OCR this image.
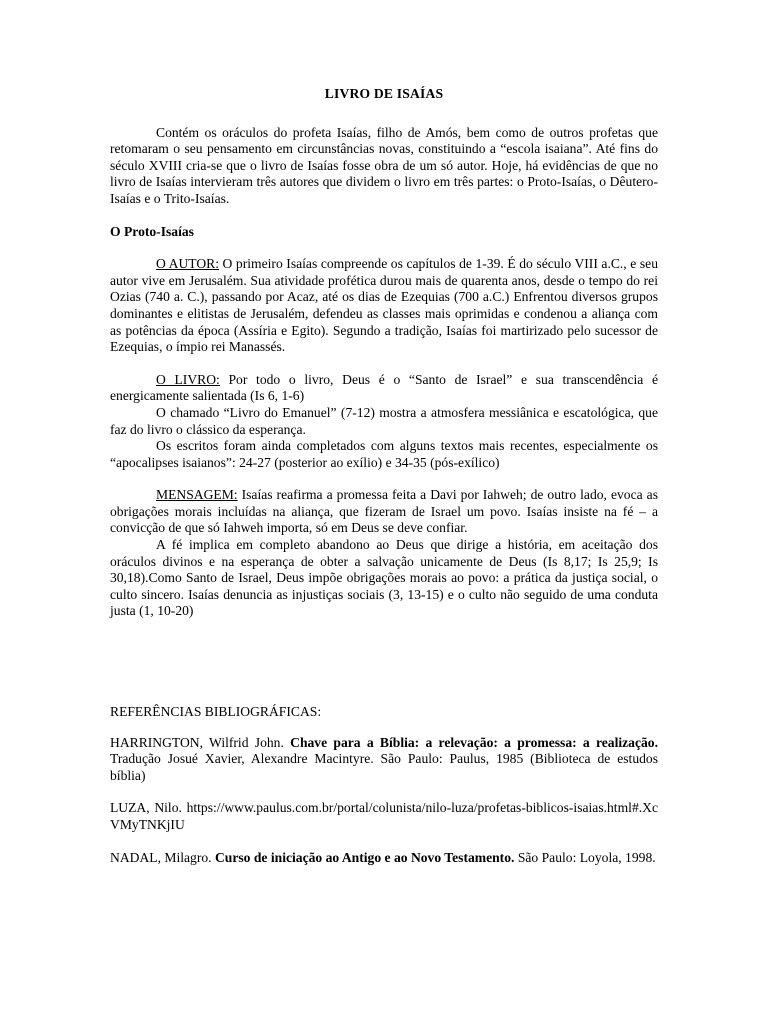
LIVRO DE ISAÍAS

Contém os oráculos do profeta Isaías, filho de Amós, bem como de outros profetas que retomaram o seu pensamento em circunstâncias novas, constituindo a “escola isaiana”. Até fins do século XVIII cria-se que o livro de Isaías fosse obra de um só autor. Hoje, há evidências de que no livro de Isaías intervieram três autores que dividem o livro em três partes: o Proto-Isaías, o Dêutero-Isaías e o Trito-Isaías.

O Proto-Isaías

O AUTOR: O primeiro Isaías compreende os capítulos de 1-39. É do século VIII a.C., e seu autor vive em Jerusalém. Sua atividade profética durou mais de quarenta anos, desde o tempo do rei Ozias (740 a. C.), passando por Acaz, até os dias de Ezequias (700 a.C.) Enfrentou diversos grupos dominantes e elitistas de Jerusalém, defendeu as classes mais oprimidas e condenou a aliança com as potências da época (Assíria e Egito). Segundo a tradição, Isaías foi martirizado pelo sucessor de Ezequias, o ímpio rei Manassés.

O LIVRO: Por todo o livro, Deus é o “Santo de Israel” e sua transcendência é energicamente salientada (Is 6, 1-6)

O chamado “Livro do Emanuel” (7-12) mostra a atmosfera messiânica e escatológica, que faz do livro o clássico da esperança.

Os escritos foram ainda completados com alguns textos mais recentes, especialmente os “apocalipses isaianos”: 24-27 (posterior ao exílio) e 34-35 (pós-exílico)

MENSAGEM: Isaías reafirma a promessa feita a Davi por Iahweh; de outro lado, evoca as obrigações morais incluídas na aliança, que fizeram de Israel um povo. Isaías insiste na fé – a convicção de que só Iahweh importa, só em Deus se deve confiar.

A fé implica em completo abandono ao Deus que dirige a história, em aceitação dos oráculos divinos e na esperança de obter a salvação unicamente de Deus (Is 8,17; Is 25,9; Is 30,18).Como Santo de Israel, Deus impõe obrigações morais ao povo: a prática da justiça social, o culto sincero. Isaías denuncia as injustiças sociais (3, 13-15) e o culto não seguido de uma conduta justa (1, 10-20)

REFERÊNCIAS BIBLIOGRÁFICAS:

HARRINGTON, Wilfrid John. Chave para a Bíblia: a relevação: a promessa: a realização. Tradução Josué Xavier, Alexandre Macintyre. São Paulo: Paulus, 1985 (Biblioteca de estudos bíblia)

LUZA, Nilo. https://www.paulus.com.br/portal/colunista/nilo-luza/profetas-biblicos-isaias.html#.XcVMyTNKjIU

NADAL, Milagro. Curso de iniciação ao Antigo e ao Novo Testamento. São Paulo: Loyola, 1998.
